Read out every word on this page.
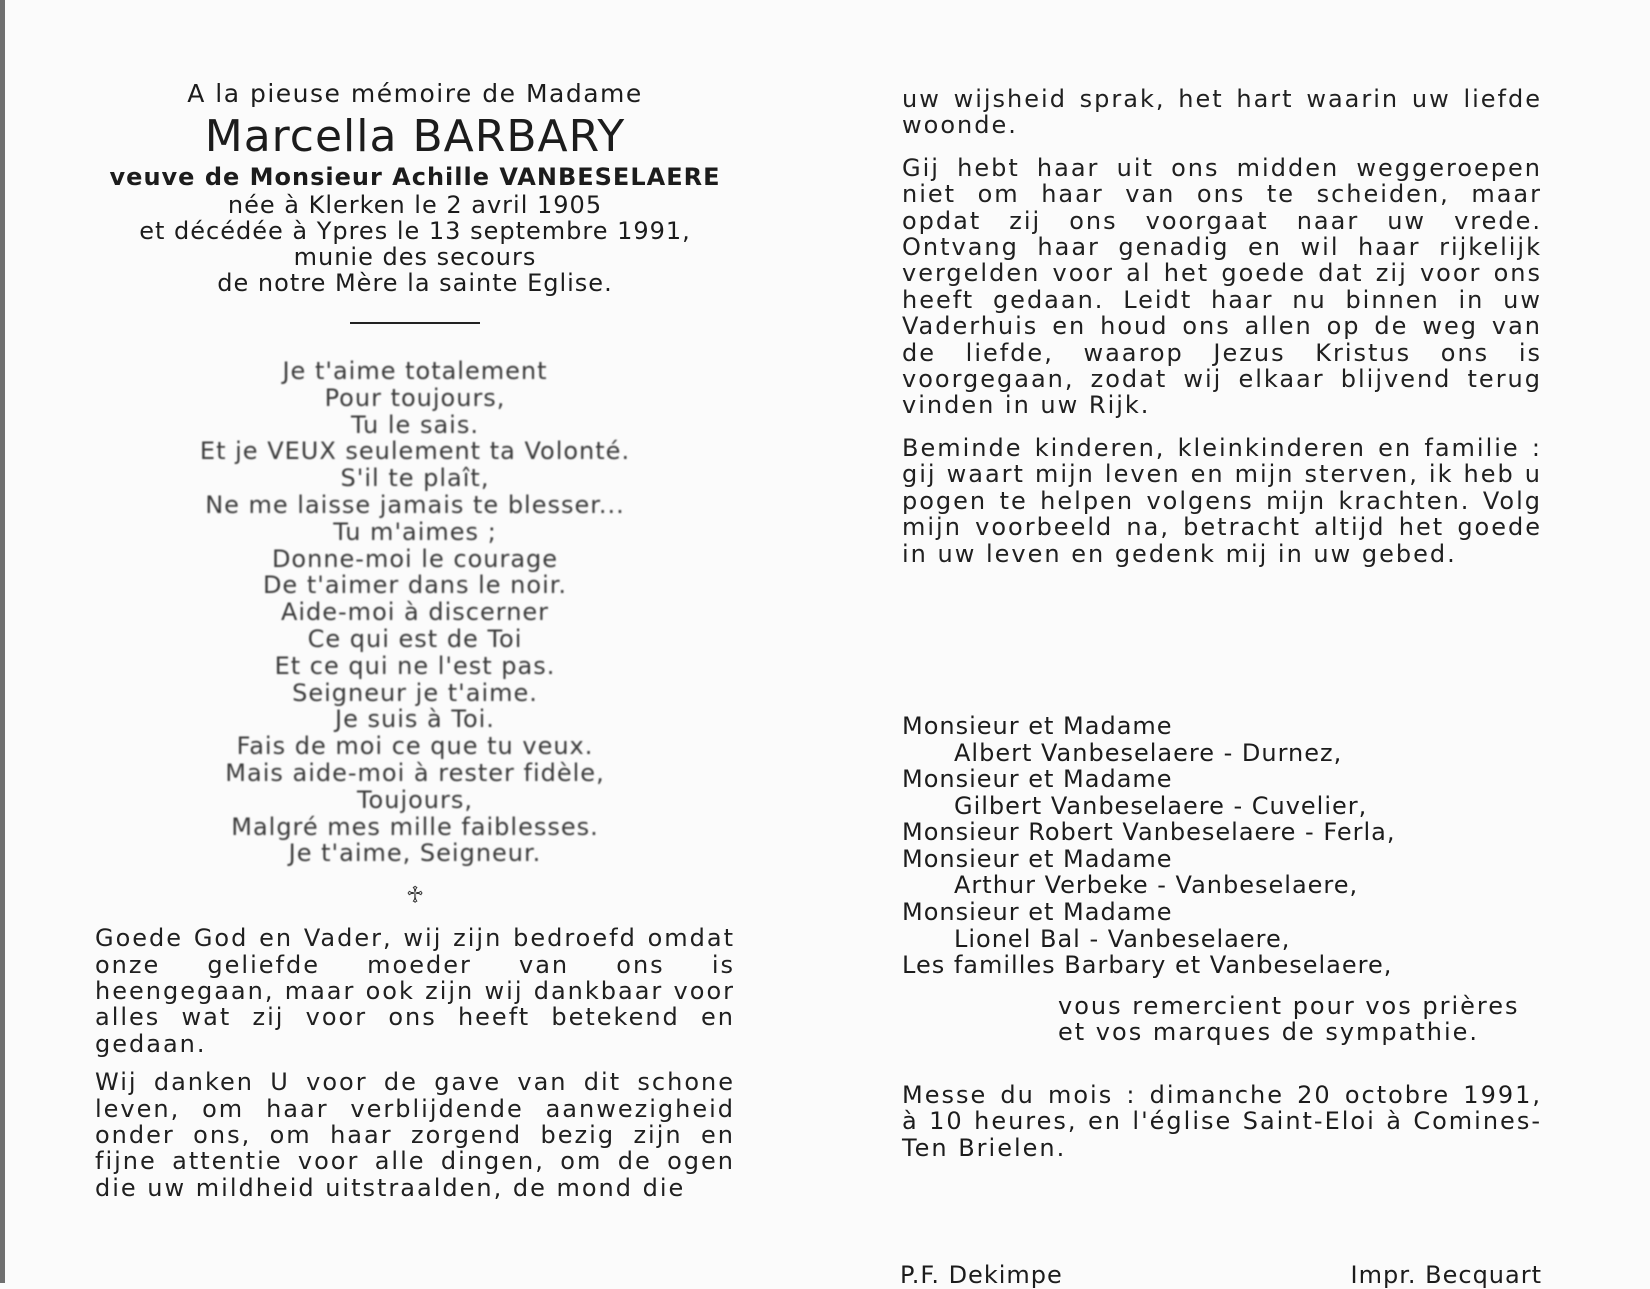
A la pieuse mémoire de Madame
Marcella BARBARY
veuve de Monsieur Achille VANBESELAERE
née à Klerken le 2 avril 1905
et décédée à Ypres le 13 septembre 1991,
munie des secours
de notre Mère la sainte Eglise.
Je t'aime totalement
Pour toujours,
Tu le sais.
Et je VEUX seulement ta Volonté.
S'il te plaît,
Ne me laisse jamais te blesser...
Tu m'aimes ;
Donne-moi le courage
De t'aimer dans le noir.
Aide-moi à discerner
Ce qui est de Toi
Et ce qui ne l'est pas.
Seigneur je t'aime.
Je suis à Toi.
Fais de moi ce que tu veux.
Mais aide-moi à rester fidèle,
Toujours,
Malgré mes mille faiblesses.
Je t'aime, Seigneur.
♱

Goede God en Vader, wij zijn bedroefd omdat onze geliefde moeder van ons is heengegaan, maar ook zijn wij dankbaar voor alles wat zij voor ons heeft betekend en gedaan.

Wij danken U voor de gave van dit schone leven, om haar verblijdende aanwezigheid onder ons, om haar zorgend bezig zijn en fijne attentie voor alle dingen, om de ogen die uw mildheid uitstraalden, de mond die

uw wijsheid sprak, het hart waarin uw liefde woonde.

Gij hebt haar uit ons midden weggeroepen niet om haar van ons te scheiden, maar opdat zij ons voorgaat naar uw vrede. Ontvang haar genadig en wil haar rijkelijk vergelden voor al het goede dat zij voor ons heeft gedaan. Leidt haar nu binnen in uw Vaderhuis en houd ons allen op de weg van de liefde, waarop Jezus Kristus ons is voorgegaan, zodat wij elkaar blijvend terug vinden in uw Rijk.

Beminde kinderen, kleinkinderen en familie : gij waart mijn leven en mijn sterven, ik heb u pogen te helpen volgens mijn krachten. Volg mijn voorbeeld na, betracht altijd het goede in uw leven en gedenk mij in uw gebed.

Monsieur et Madame
Albert Vanbeselaere - Durnez,
Monsieur et Madame
Gilbert Vanbeselaere - Cuvelier,
Monsieur Robert Vanbeselaere - Ferla,
Monsieur et Madame
Arthur Verbeke - Vanbeselaere,
Monsieur et Madame
Lionel Bal - Vanbeselaere,
Les familles Barbary et Vanbeselaere,
vous remercient pour vos prières
et vos marques de sympathie.
Messe du mois : dimanche 20 octobre 1991, à 10 heures, en l'église Saint-Eloi à Comines-Ten Brielen.
P.F. Dekimpe	Impr. Becquart
